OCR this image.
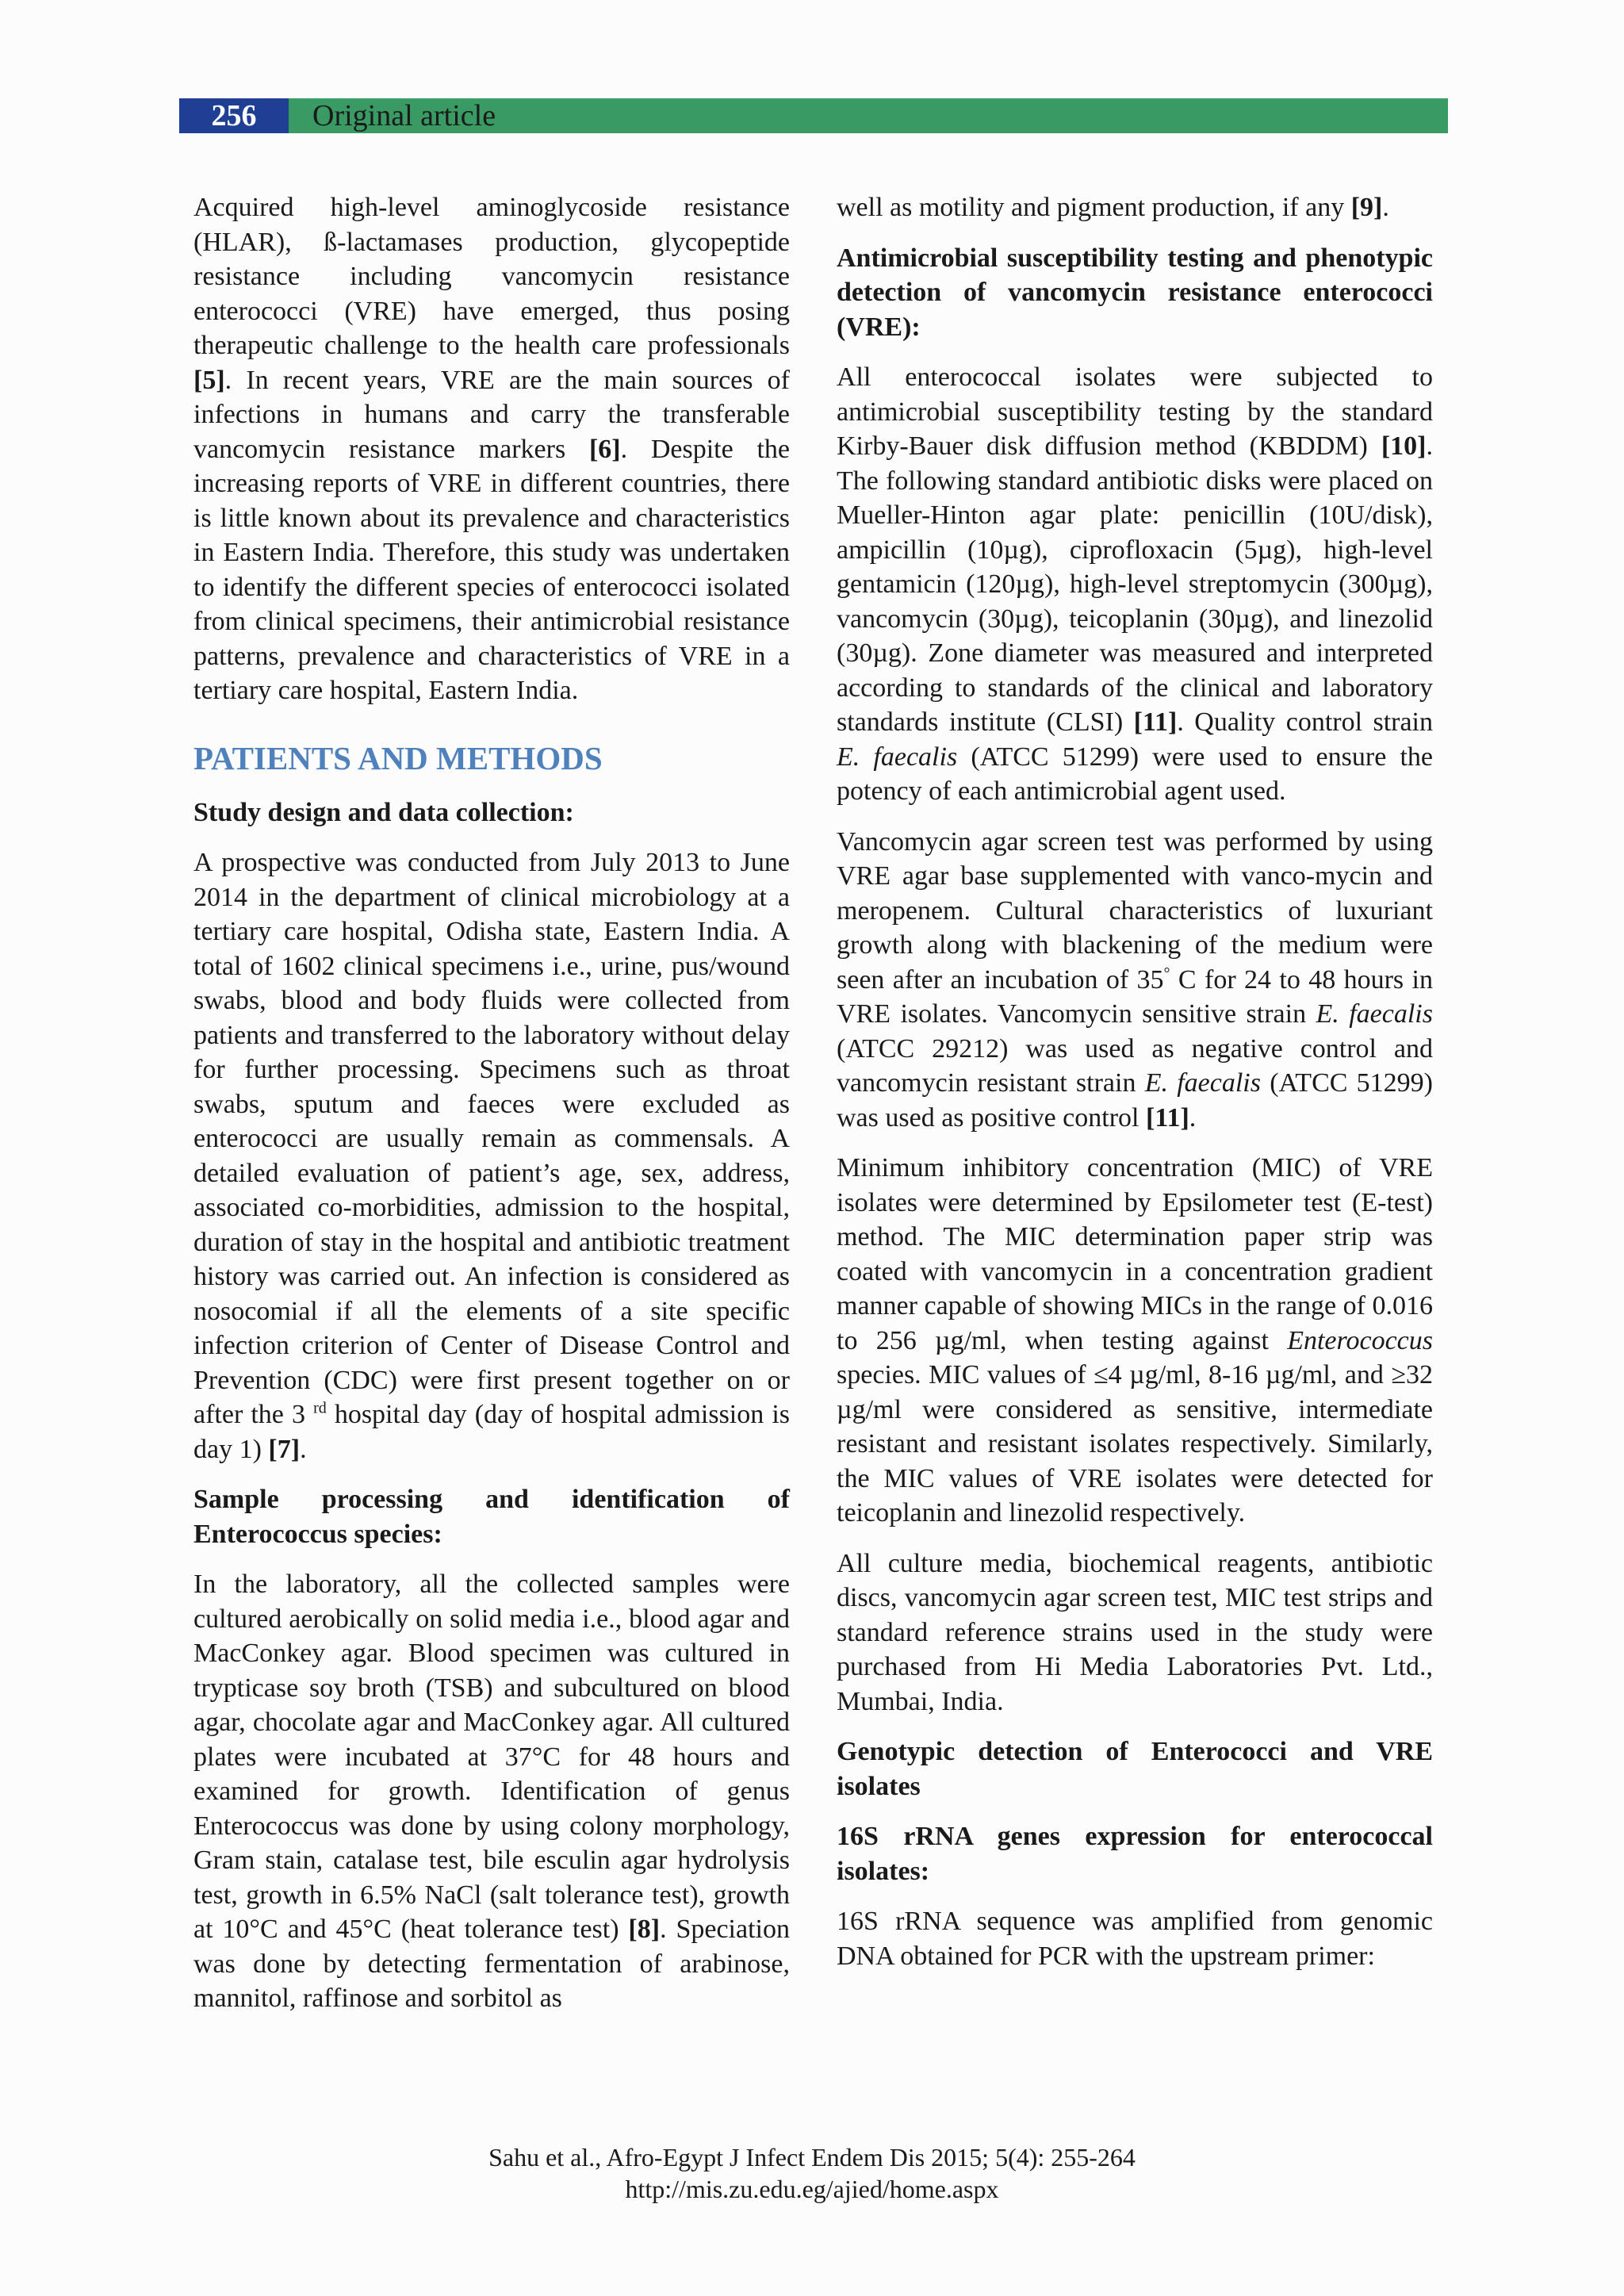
256	Original article

Acquired high-level aminoglycoside resistance (HLAR), ß-lactamases production, glycopeptide resistance including vancomycin resistance enterococci (VRE) have emerged, thus posing therapeutic challenge to the health care professionals [5]. In recent years, VRE are the main sources of infections in humans and carry the transferable vancomycin resistance markers [6]. Despite the increasing reports of VRE in different countries, there is little known about its prevalence and characteristics in Eastern India. Therefore, this study was undertaken to identify the different species of enterococci isolated from clinical specimens, their antimicrobial resistance patterns, prevalence and characteristics of VRE in a tertiary care hospital, Eastern India.

PATIENTS AND METHODS

Study design and data collection:

A prospective was conducted from July 2013 to June 2014 in the department of clinical microbiology at a tertiary care hospital, Odisha state, Eastern India. A total of 1602 clinical specimens i.e., urine, pus/wound swabs, blood and body fluids were collected from patients and transferred to the laboratory without delay for further processing. Specimens such as throat swabs, sputum and faeces were excluded as enterococci are usually remain as commensals. A detailed evaluation of patient’s age, sex, address, associated co-morbidities, admission to the hospital, duration of stay in the hospital and antibiotic treatment history was carried out. An infection is considered as nosocomial if all the elements of a site specific infection criterion of Center of Disease Control and Prevention (CDC) were first present together on or after the 3 $^{rd}$ hospital day (day of hospital admission is day 1) [7].

Sample processing and identification of Enterococcus species:

In the laboratory, all the collected samples were cultured aerobically on solid media i.e., blood agar and MacConkey agar. Blood specimen was cultured in trypticase soy broth (TSB) and subcultured on blood agar, chocolate agar and MacConkey agar. All cultured plates were incubated at 37°C for 48 hours and examined for growth. Identification of genus Enterococcus was done by using colony morphology, Gram stain, catalase test, bile esculin agar hydrolysis test, growth in 6.5% NaCl (salt tolerance test), growth at 10°C and 45°C (heat tolerance test) [8]. Speciation was done by detecting fermentation of arabinose, mannitol, raffinose and sorbitol as

well as motility and pigment production, if any [9].

Antimicrobial susceptibility testing and phenotypic detection of vancomycin resistance enterococci (VRE):

All enterococcal isolates were subjected to antimicrobial susceptibility testing by the standard Kirby-Bauer disk diffusion method (KBDDM) [10]. The following standard antibiotic disks were placed on Mueller-Hinton agar plate: penicillin (10U/disk), ampicillin (10µg), ciprofloxacin (5µg), high-level gentamicin (120µg), high-level streptomycin (300µg), vancomycin (30µg), teicoplanin (30µg), and linezolid (30µg). Zone diameter was measured and interpreted according to standards of the clinical and laboratory standards institute (CLSI) [11]. Quality control strain E. faecalis (ATCC 51299) were used to ensure the potency of each antimicrobial agent used.

Vancomycin agar screen test was performed by using VRE agar base supplemented with vanco-mycin and meropenem. Cultural characteristics of luxuriant growth along with blackening of the medium were seen after an incubation of 35° C for 24 to 48 hours in VRE isolates. Vancomycin sensitive strain E. faecalis (ATCC 29212) was used as negative control and vancomycin resistant strain E. faecalis (ATCC 51299) was used as positive control [11].

Minimum inhibitory concentration (MIC) of VRE isolates were determined by Epsilometer test (E-test) method. The MIC determination paper strip was coated with vancomycin in a concentration gradient manner capable of showing MICs in the range of 0.016 to 256 µg/ml, when testing against Enterococcus species. MIC values of ≤4 µg/ml, 8-16 µg/ml, and ≥32 µg/ml were considered as sensitive, intermediate resistant and resistant isolates respectively. Similarly, the MIC values of VRE isolates were detected for teicoplanin and linezolid respectively.

All culture media, biochemical reagents, antibiotic discs, vancomycin agar screen test, MIC test strips and standard reference strains used in the study were purchased from Hi Media Laboratories Pvt. Ltd., Mumbai, India.

Genotypic detection of Enterococci and VRE isolates

16S rRNA genes expression for enterococcal isolates:

16S rRNA sequence was amplified from genomic DNA obtained for PCR with the upstream primer:

Sahu et al., Afro-Egypt J Infect Endem Dis 2015; 5(4): 255-264
http://mis.zu.edu.eg/ajied/home.aspx
